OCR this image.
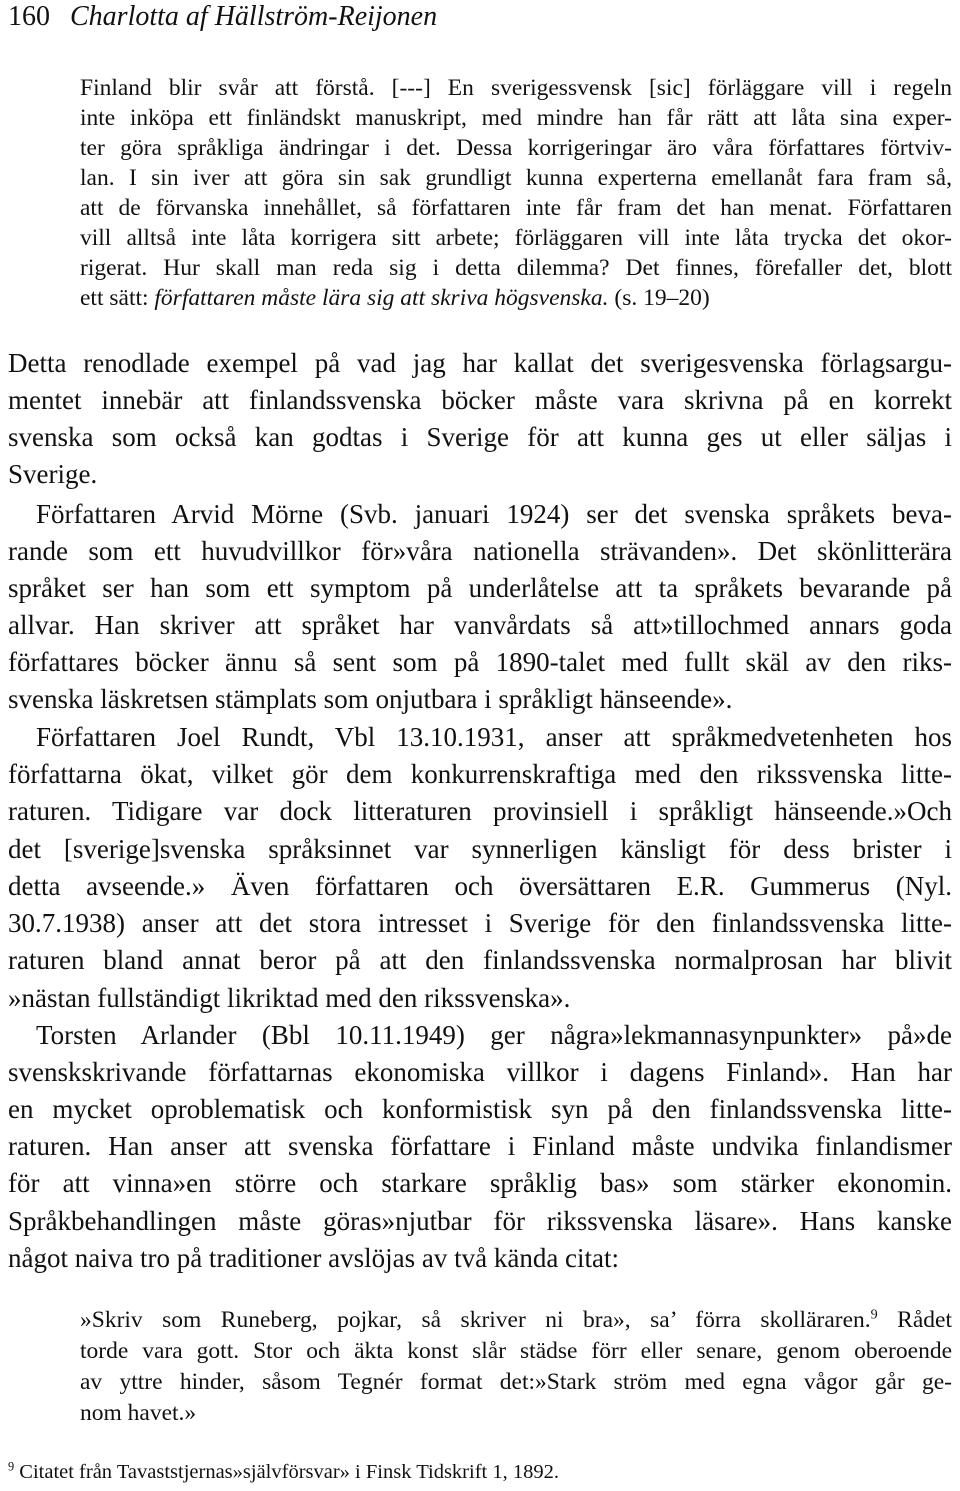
160 Charlotta af Hällström-Reijonen
Finland blir svår att förstå. [---] En sverigessvensk [sic] förläggare vill i regeln
inte inköpa ett finländskt manuskript, med mindre han får rätt att låta sina exper-
ter göra språkliga ändringar i det. Dessa korrigeringar äro våra författares förtviv-
lan. I sin iver att göra sin sak grundligt kunna experterna emellanåt fara fram så,
att de förvanska innehållet, så författaren inte får fram det han menat. Författaren
vill alltså inte låta korrigera sitt arbete; förläggaren vill inte låta trycka det okor-
rigerat. Hur skall man reda sig i detta dilemma? Det finnes, förefaller det, blott
ett sätt: författaren måste lära sig att skriva högsvenska. (s. 19–20)
Detta renodlade exempel på vad jag har kallat det sverigesvenska förlagsargu-
mentet innebär att finlandssvenska böcker måste vara skrivna på en korrekt
svenska som också kan godtas i Sverige för att kunna ges ut eller säljas i
Sverige.
Författaren Arvid Mörne (Svb. januari 1924) ser det svenska språkets beva-
rande som ett huvudvillkor för»våra nationella strävanden». Det skönlitterära
språket ser han som ett symptom på underlåtelse att ta språkets bevarande på
allvar. Han skriver att språket har vanvårdats så att»tillochmed annars goda
författares böcker ännu så sent som på 1890-talet med fullt skäl av den riks-
svenska läskretsen stämplats som onjutbara i språkligt hänseende».
Författaren Joel Rundt, Vbl 13.10.1931, anser att språkmedvetenheten hos
författarna ökat, vilket gör dem konkurrenskraftiga med den rikssvenska litte-
raturen. Tidigare var dock litteraturen provinsiell i språkligt hänseende.»Och
det [sverige]svenska språksinnet var synnerligen känsligt för dess brister i
detta avseende.» Även författaren och översättaren E.R. Gummerus (Nyl.
30.7.1938) anser att det stora intresset i Sverige för den finlandssvenska litte-
raturen bland annat beror på att den finlandssvenska normalprosan har blivit
»nästan fullständigt likriktad med den rikssvenska».
Torsten Arlander (Bbl 10.11.1949) ger några»lekmannasynpunkter» på»de
svenskskrivande författarnas ekonomiska villkor i dagens Finland». Han har
en mycket oproblematisk och konformistisk syn på den finlandssvenska litte-
raturen. Han anser att svenska författare i Finland måste undvika finlandismer
för att vinna»en större och starkare språklig bas» som stärker ekonomin.
Språkbehandlingen måste göras»njutbar för rikssvenska läsare». Hans kanske
något naiva tro på traditioner avslöjas av två kända citat:
»Skriv som Runeberg, pojkar, så skriver ni bra», sa’ förra skolläraren.$^9$ Rådet
torde vara gott. Stor och äkta konst slår städse förr eller senare, genom oberoende
av yttre hinder, såsom Tegnér format det:»Stark ström med egna vågor går ge-
nom havet.»
$^9$ Citatet från Tavaststjernas»självförsvar» i Finsk Tidskrift 1, 1892.
